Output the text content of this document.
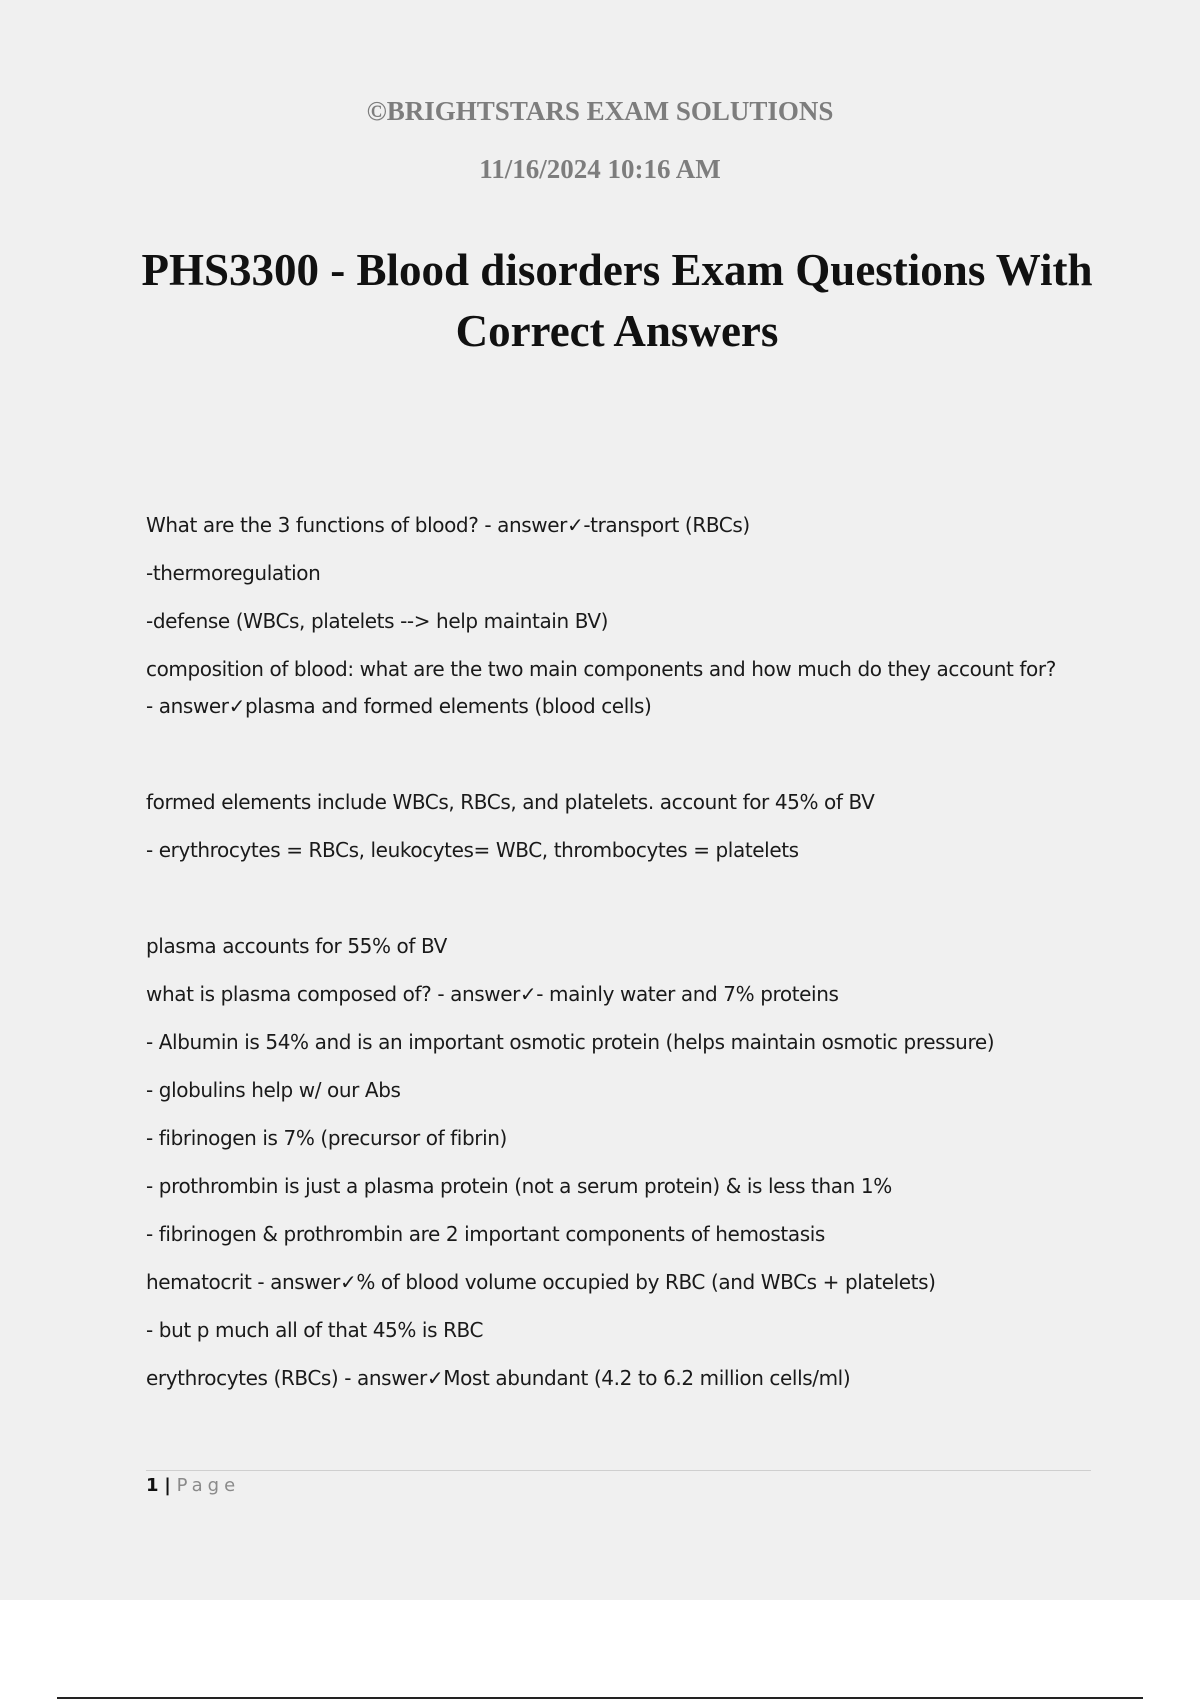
©BRIGHTSTARS EXAM SOLUTIONS

11/16/2024 10:16 AM

PHS3300 - Blood disorders Exam Questions With Correct Answers
What are the 3 functions of blood? - answer✓-transport (RBCs)
-thermoregulation
-defense (WBCs, platelets --> help maintain BV)
composition of blood: what are the two main components and how much do they account for?
- answer✓plasma and formed elements (blood cells)
formed elements include WBCs, RBCs, and platelets. account for 45% of BV
- erythrocytes = RBCs, leukocytes= WBC, thrombocytes = platelets
plasma accounts for 55% of BV
what is plasma composed of? - answer✓- mainly water and 7% proteins
- Albumin is 54% and is an important osmotic protein (helps maintain osmotic pressure)
- globulins help w/ our Abs
- fibrinogen is 7% (precursor of fibrin)
- prothrombin is just a plasma protein (not a serum protein) & is less than 1%
- fibrinogen & prothrombin are 2 important components of hemostasis
hematocrit - answer✓% of blood volume occupied by RBC (and WBCs + platelets)
- but p much all of that 45% is RBC
erythrocytes (RBCs) - answer✓Most abundant (4.2 to 6.2 million cells/ml)
1 | Page
